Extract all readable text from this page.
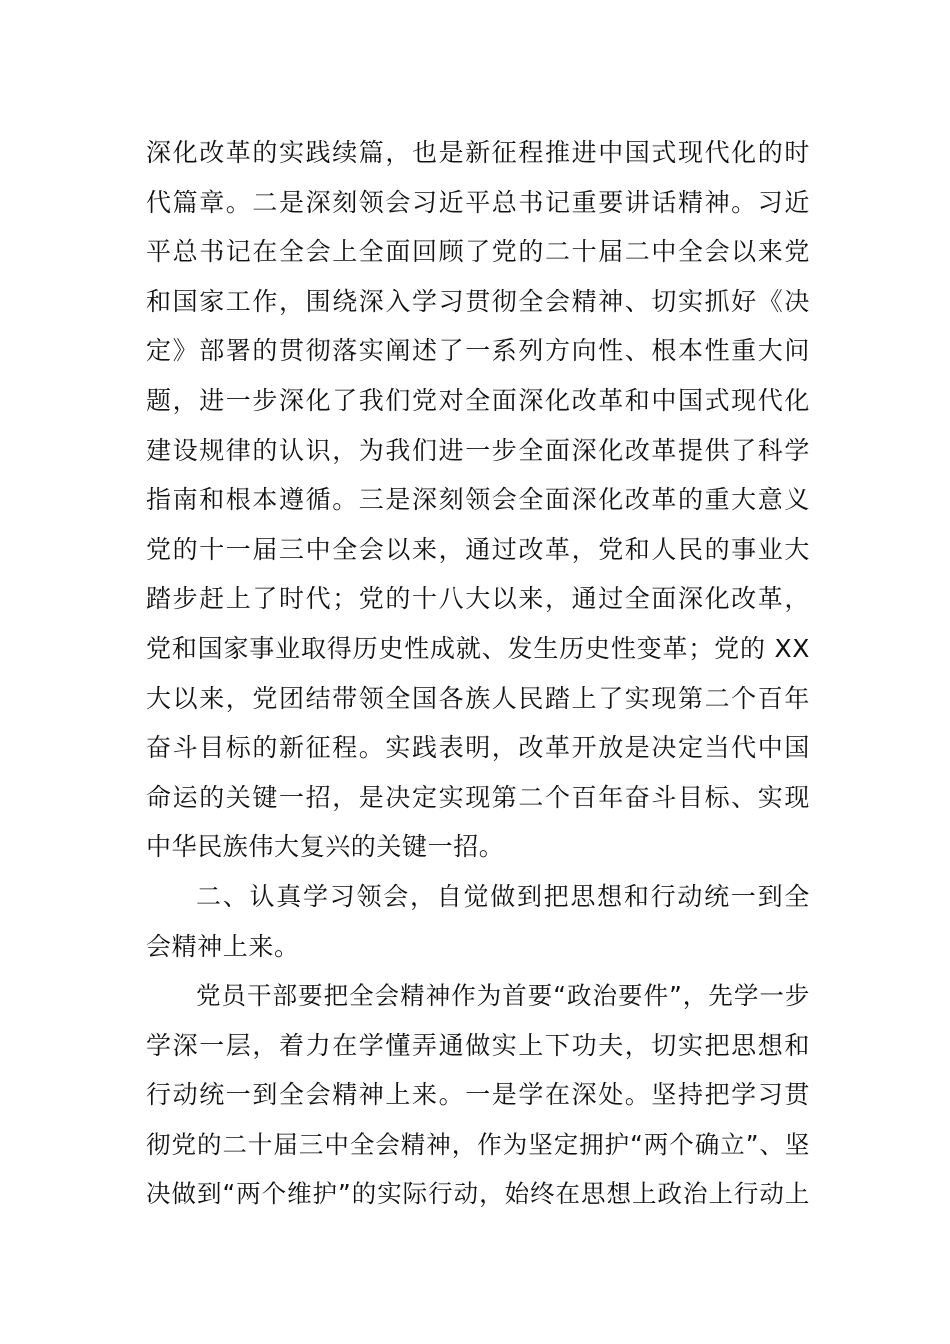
深化改革的实践续篇，也是新征程推进中国式现代化的时
代篇章。二是深刻领会习近平总书记重要讲话精神。习近
平总书记在全会上全面回顾了党的二十届二中全会以来党
和国家工作，围绕深入学习贯彻全会精神、切实抓好《决
定》部署的贯彻落实阐述了一系列方向性、根本性重大问
题，进一步深化了我们党对全面深化改革和中国式现代化
建设规律的认识，为我们进一步全面深化改革提供了科学
指南和根本遵循。三是深刻领会全面深化改革的重大意义
党的十一届三中全会以来，通过改革，党和人民的事业大
踏步赶上了时代；党的十八大以来，通过全面深化改革，
党和国家事业取得历史性成就、发生历史性变革；党的 XX
大以来，党团结带领全国各族人民踏上了实现第二个百年
奋斗目标的新征程。实践表明，改革开放是决定当代中国
命运的关键一招，是决定实现第二个百年奋斗目标、实现
中华民族伟大复兴的关键一招。
二、认真学习领会，自觉做到把思想和行动统一到全
会精神上来。
党员干部要把全会精神作为首要“政治要件”，先学一步
学深一层，着力在学懂弄通做实上下功夫，切实把思想和
行动统一到全会精神上来。一是学在深处。坚持把学习贯
彻党的二十届三中全会精神，作为坚定拥护“两个确立”、坚
决做到“两个维护”的实际行动，始终在思想上政治上行动上
